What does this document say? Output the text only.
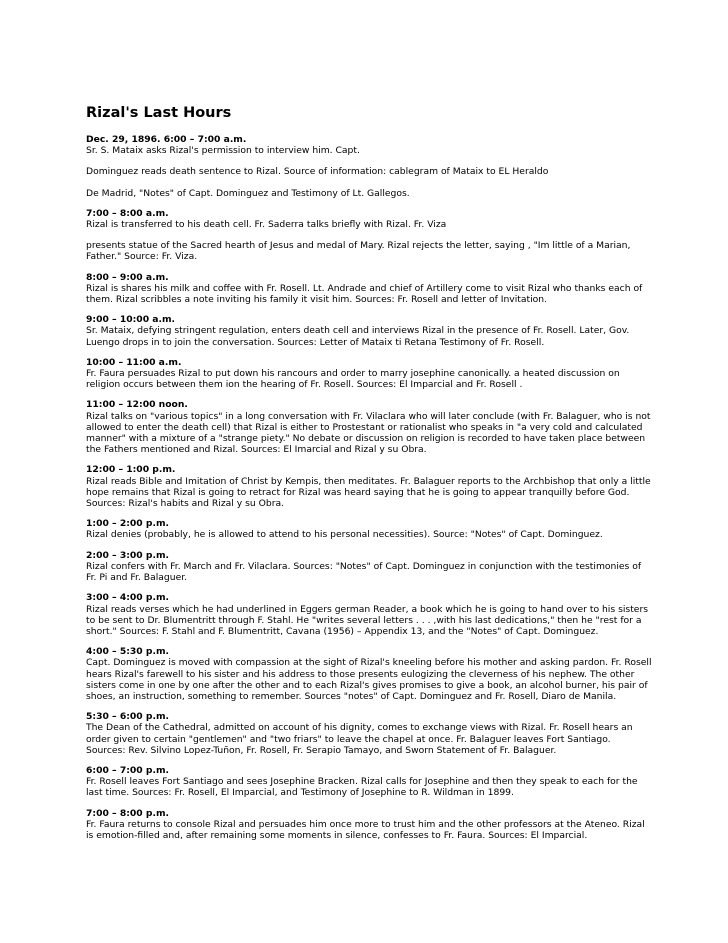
Rizal's Last Hours
Dec. 29, 1896. 6:00 – 7:00 a.m.
Sr. S. Mataix asks Rizal's permission to interview him. Capt.
Dominguez reads death sentence to Rizal. Source of information: cablegram of Mataix to EL Heraldo
De Madrid, "Notes" of Capt. Dominguez and Testimony of Lt. Gallegos.
7:00 – 8:00 a.m.
Rizal is transferred to his death cell. Fr. Saderra talks briefly with Rizal. Fr. Viza
presents statue of the Sacred hearth of Jesus and medal of Mary. Rizal rejects the letter, saying , "Im little of a Marian,
Father." Source: Fr. Viza.
8:00 – 9:00 a.m.
Rizal is shares his milk and coffee with Fr. Rosell. Lt. Andrade and chief of Artillery come to visit Rizal who thanks each of
them. Rizal scribbles a note inviting his family it visit him. Sources: Fr. Rosell and letter of Invitation.
9:00 – 10:00 a.m.
Sr. Mataix, defying stringent regulation, enters death cell and interviews Rizal in the presence of Fr. Rosell. Later, Gov.
Luengo drops in to join the conversation. Sources: Letter of Mataix ti Retana Testimony of Fr. Rosell.
10:00 – 11:00 a.m.
Fr. Faura persuades Rizal to put down his rancours and order to marry josephine canonically. a heated discussion on
religion occurs between them ion the hearing of Fr. Rosell. Sources: El Imparcial and Fr. Rosell .
11:00 – 12:00 noon.
Rizal talks on "various topics" in a long conversation with Fr. Vilaclara who will later conclude (with Fr. Balaguer, who is not
allowed to enter the death cell) that Rizal is either to Prostestant or rationalist who speaks in "a very cold and calculated
manner" with a mixture of a "strange piety." No debate or discussion on religion is recorded to have taken place between
the Fathers mentioned and Rizal. Sources: El Imarcial and Rizal y su Obra.
12:00 – 1:00 p.m.
Rizal reads Bible and Imitation of Christ by Kempis, then meditates. Fr. Balaguer reports to the Archbishop that only a little
hope remains that Rizal is going to retract for Rizal was heard saying that he is going to appear tranquilly before God.
Sources: Rizal's habits and Rizal y su Obra.
1:00 – 2:00 p.m.
Rizal denies (probably, he is allowed to attend to his personal necessities). Source: "Notes" of Capt. Dominguez.
2:00 – 3:00 p.m.
Rizal confers with Fr. March and Fr. Vilaclara. Sources: "Notes" of Capt. Dominguez in conjunction with the testimonies of
Fr. Pi and Fr. Balaguer.
3:00 – 4:00 p.m.
Rizal reads verses which he had underlined in Eggers german Reader, a book which he is going to hand over to his sisters
to be sent to Dr. Blumentritt through F. Stahl. He "writes several letters . . . ,with his last dedications," then he "rest for a
short." Sources: F. Stahl and F. Blumentritt, Cavana (1956) – Appendix 13, and the "Notes" of Capt. Dominguez.
4:00 – 5:30 p.m.
Capt. Dominguez is moved with compassion at the sight of Rizal's kneeling before his mother and asking pardon. Fr. Rosell
hears Rizal's farewell to his sister and his address to those presents eulogizing the cleverness of his nephew. The other
sisters come in one by one after the other and to each Rizal's gives promises to give a book, an alcohol burner, his pair of
shoes, an instruction, something to remember. Sources "notes" of Capt. Dominguez and Fr. Rosell, Diaro de Manila.
5:30 – 6:00 p.m.
The Dean of the Cathedral, admitted on account of his dignity, comes to exchange views with Rizal. Fr. Rosell hears an
order given to certain "gentlemen" and "two friars" to leave the chapel at once. Fr. Balaguer leaves Fort Santiago.
Sources: Rev. Silvino Lopez-Tuñon, Fr. Rosell, Fr. Serapio Tamayo, and Sworn Statement of Fr. Balaguer.
6:00 – 7:00 p.m.
Fr. Rosell leaves Fort Santiago and sees Josephine Bracken. Rizal calls for Josephine and then they speak to each for the
last time. Sources: Fr. Rosell, El Imparcial, and Testimony of Josephine to R. Wildman in 1899.
7:00 – 8:00 p.m.
Fr. Faura returns to console Rizal and persuades him once more to trust him and the other professors at the Ateneo. Rizal
is emotion-filled and, after remaining some moments in silence, confesses to Fr. Faura. Sources: El Imparcial.
